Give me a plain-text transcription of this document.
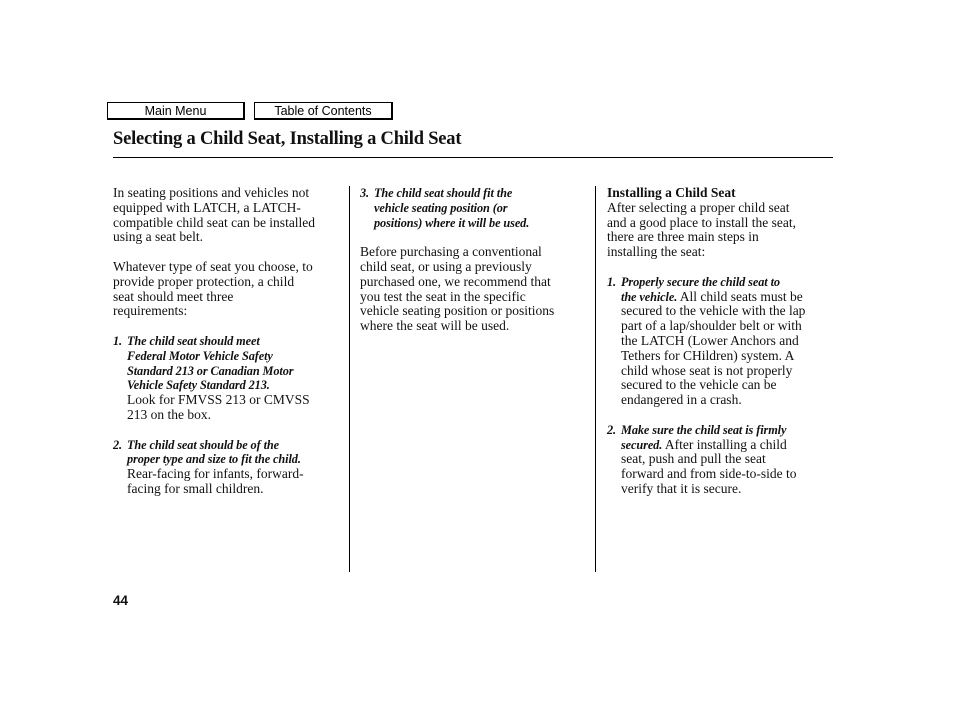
Main Menu	Table of Contents
Selecting a Child Seat, Installing a Child Seat

In seating positions and vehicles not
equipped with LATCH, a LATCH-
compatible child seat can be installed
using a seat belt.

Whatever type of seat you choose, to
provide proper protection, a child
seat should meet three
requirements:

1. The child seat should meet
Federal Motor Vehicle Safety
Standard 213 or Canadian Motor
Vehicle Safety Standard 213.
Look for FMVSS 213 or CMVSS
213 on the box.

2. The child seat should be of the
proper type and size to fit the child.
Rear-facing for infants, forward-
facing for small children.

3. The child seat should fit the
vehicle seating position (or
positions) where it will be used.

Before purchasing a conventional
child seat, or using a previously
purchased one, we recommend that
you test the seat in the specific
vehicle seating position or positions
where the seat will be used.

Installing a Child Seat

After selecting a proper child seat
and a good place to install the seat,
there are three main steps in
installing the seat:

1. Properly secure the child seat to
the vehicle. All child seats must be
secured to the vehicle with the lap
part of a lap/shoulder belt or with
the LATCH (Lower Anchors and
Tethers for CHildren) system. A
child whose seat is not properly
secured to the vehicle can be
endangered in a crash.

2. Make sure the child seat is firmly
secured. After installing a child
seat, push and pull the seat
forward and from side-to-side to
verify that it is secure.

44
